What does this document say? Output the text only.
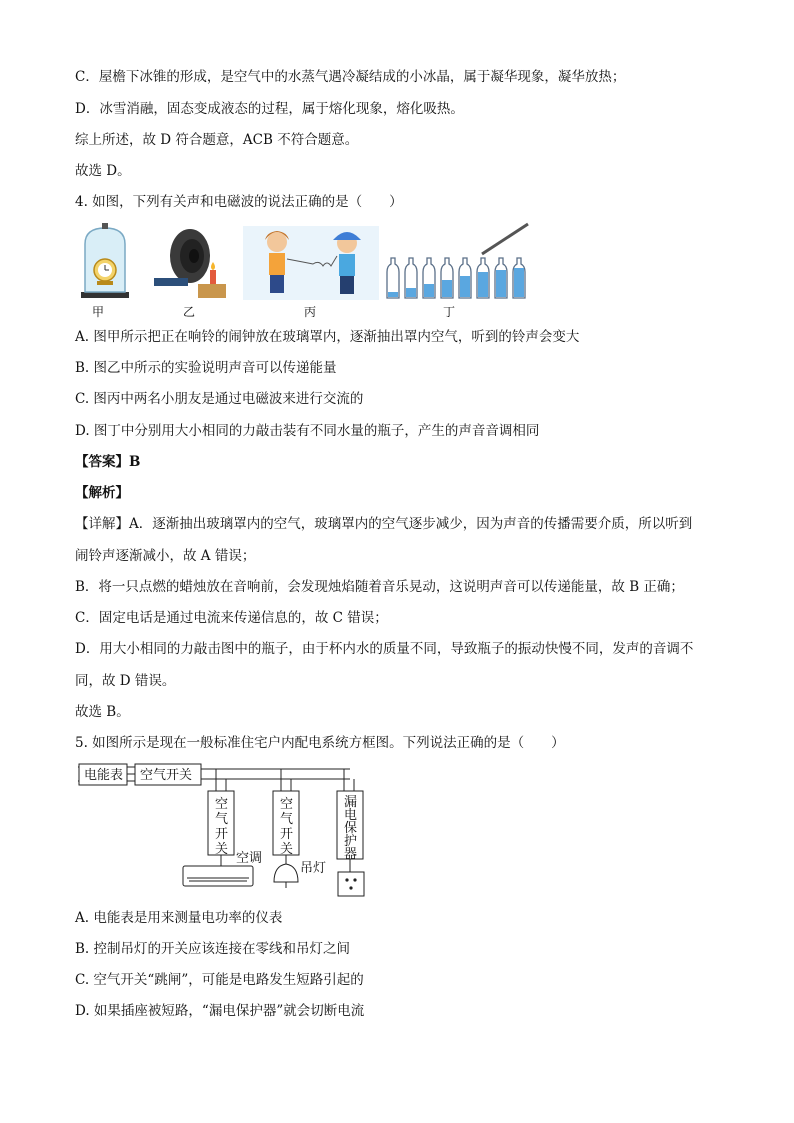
C．屋檐下冰锥的形成，是空气中的水蒸气遇冷凝结成的小冰晶，属于凝华现象，凝华放热；
D．冰雪消融，固态变成液态的过程，属于熔化现象，熔化吸热。
综上所述，故 D 符合题意，ACB 不符合题意。
故选 D。
4. 如图，下列有关声和电磁波的说法正确的是（　　）
甲	乙	丙	丁
A. 图甲所示把正在响铃的闹钟放在玻璃罩内，逐渐抽出罩内空气，听到的铃声会变大
B. 图乙中所示的实验说明声音可以传递能量
C. 图丙中两名小朋友是通过电磁波来进行交流的
D. 图丁中分别用大小相同的力敲击装有不同水量的瓶子，产生的声音音调相同
【答案】B
【解析】
【详解】A．逐渐抽出玻璃罩内的空气，玻璃罩内的空气逐步减少，因为声音的传播需要介质，所以听到
闹铃声逐渐减小，故 A 错误；
B．将一只点燃的蜡烛放在音响前，会发现烛焰随着音乐晃动，这说明声音可以传递能量，故 B 正确；
C．固定电话是通过电流来传递信息的，故 C 错误；
D．用大小相同的力敲击图中的瓶子，由于杯内水的质量不同，导致瓶子的振动快慢不同，发声的音调不
同，故 D 错误。
故选 B。
5. 如图所示是现在一般标准住宅户内配电系统方框图。下列说法正确的是（　　）
电能表 空气开关
空
气
开
关
空
气
开
关
漏
电
保
护
器
空调
吊灯
A. 电能表是用来测量电功率的仪表
B. 控制吊灯的开关应该连接在零线和吊灯之间
C. 空气开关“跳闸”，可能是电路发生短路引起的
D. 如果插座被短路，“漏电保护器”就会切断电流
